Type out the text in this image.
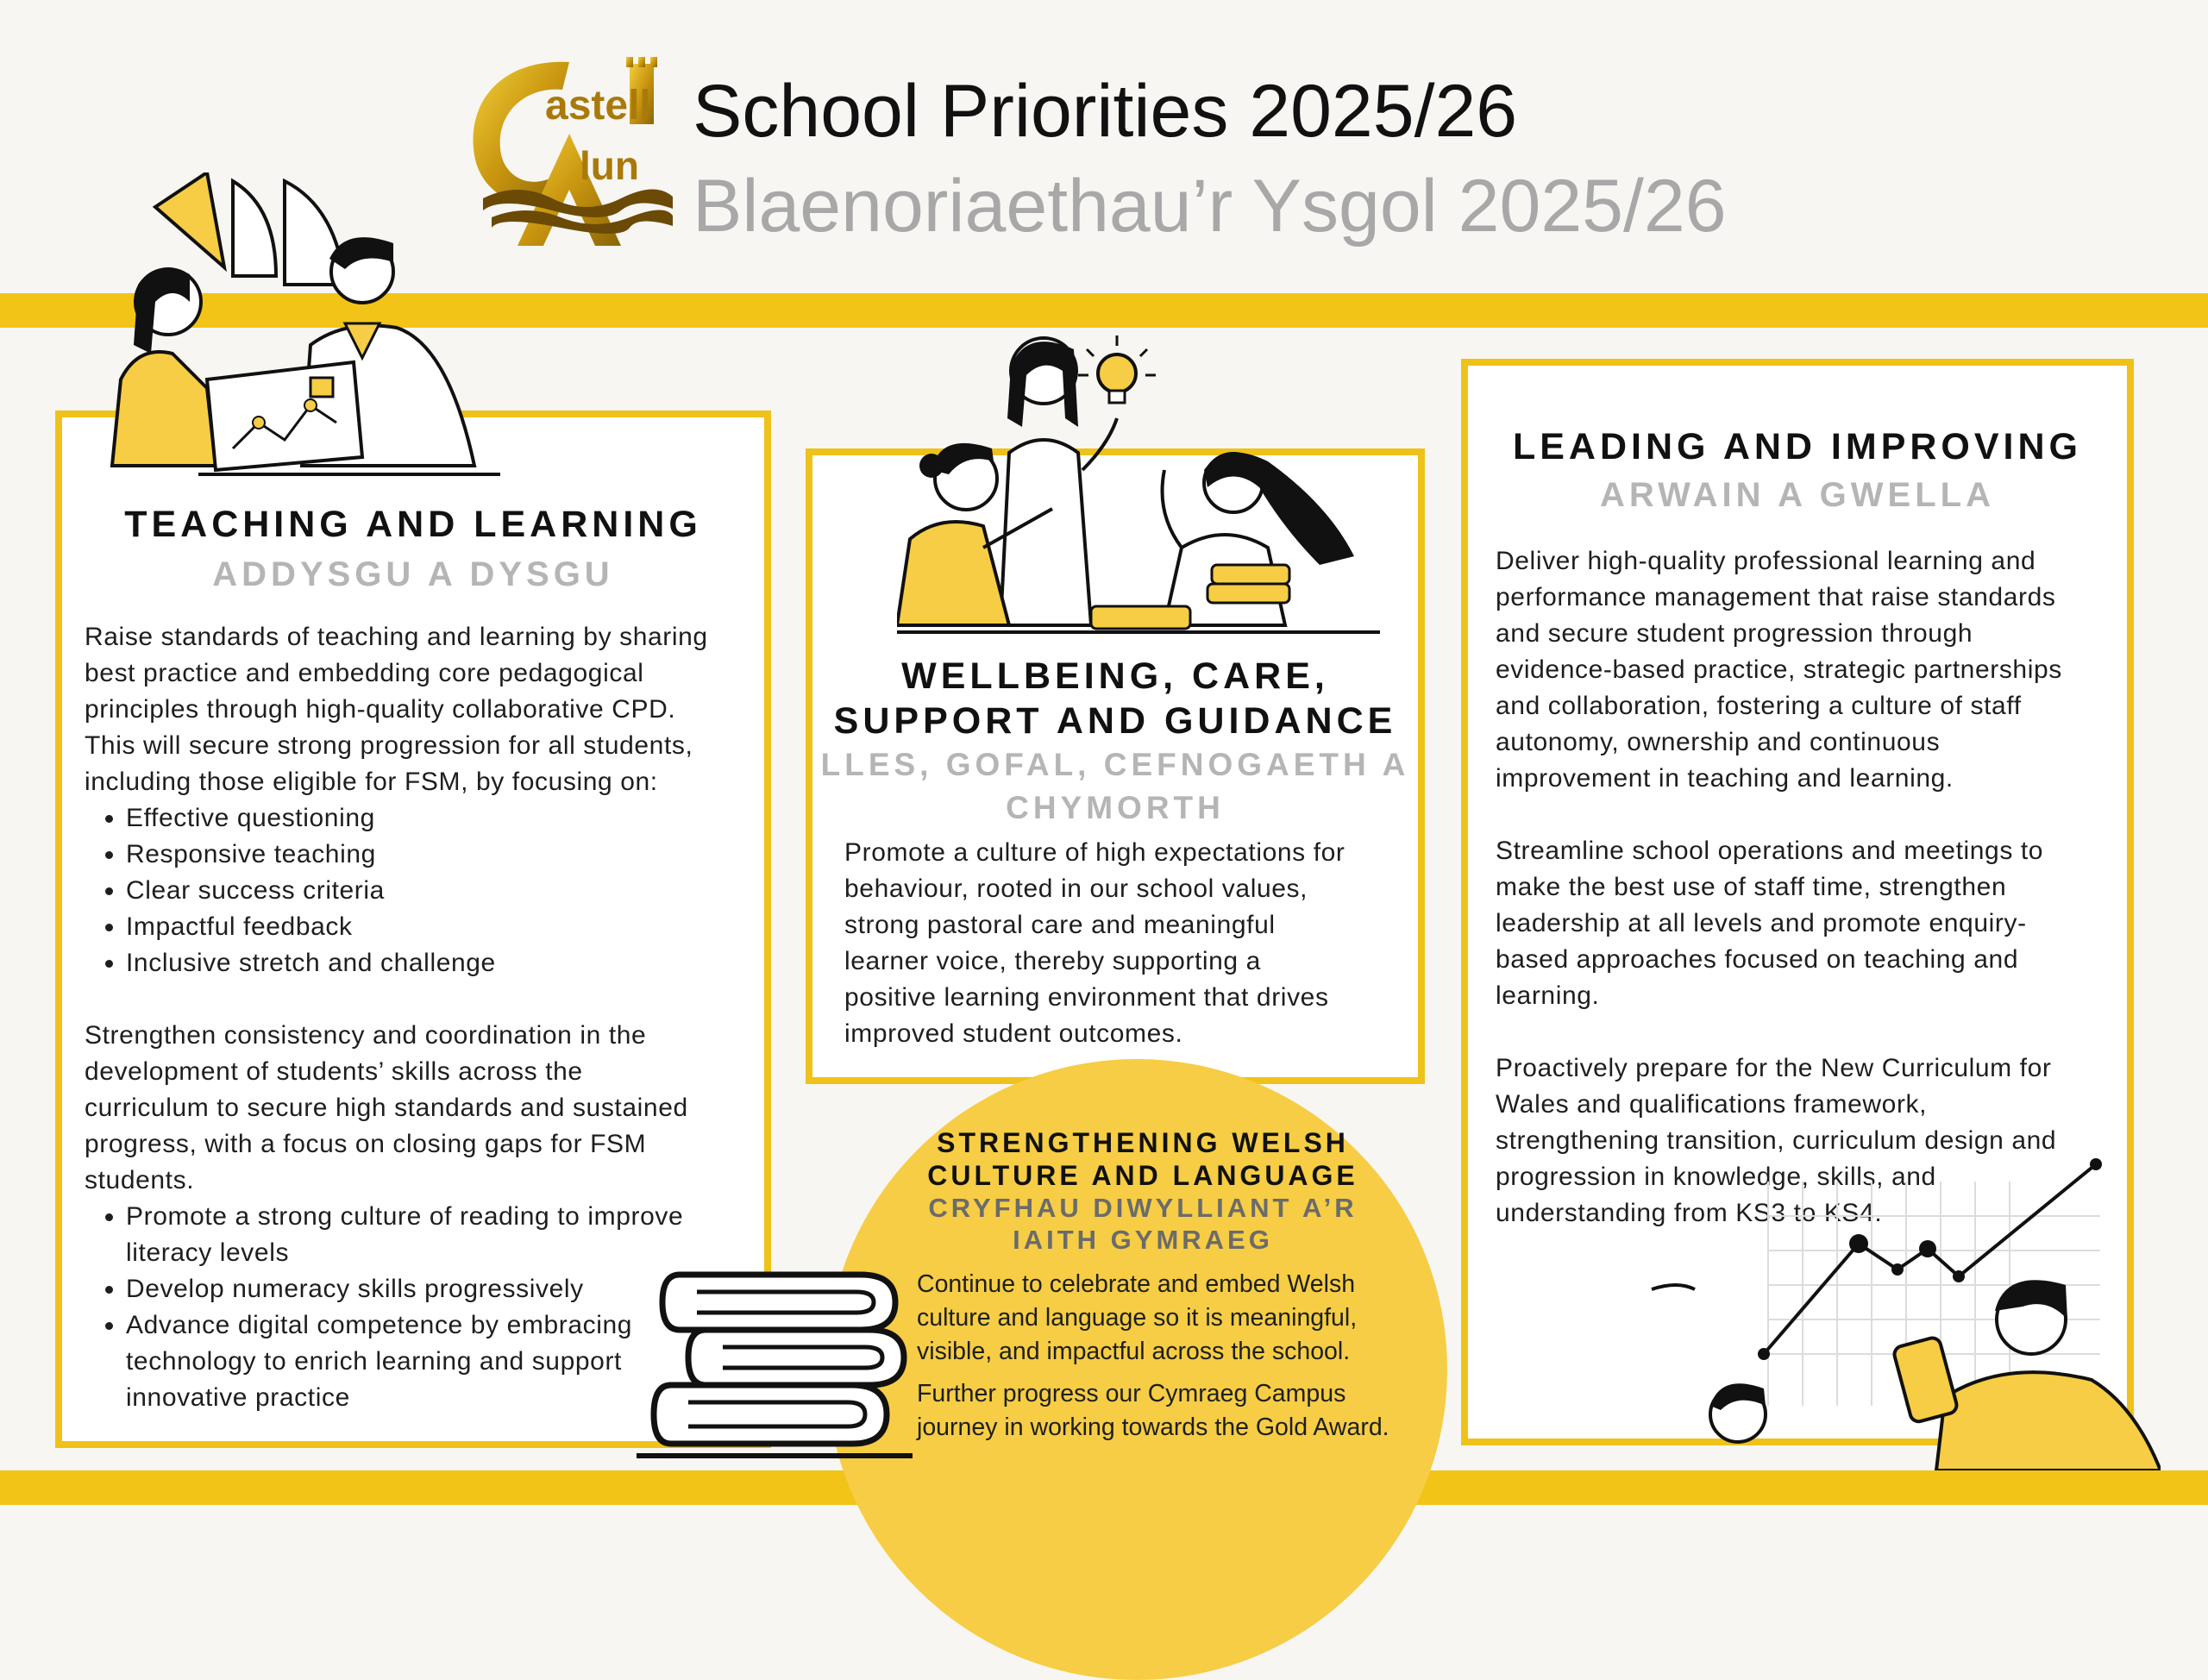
astell
lun
School Priorities 2025/26
Blaenoriaethau’r Ysgol 2025/26
TEACHING AND LEARNING
ADDYSGU A DYSGU

Raise standards of teaching and learning by sharing

best practice and embedding core pedagogical

principles through high-quality collaborative CPD.

This will secure strong progression for all students,

including those eligible for FSM, by focusing on:

• Effective questioning
• Responsive teaching
• Clear success criteria
• Impactful feedback
• Inclusive stretch and challenge

Strengthen consistency and coordination in the

development of students’ skills across the

curriculum to secure high standards and sustained

progress, with a focus on closing gaps for FSM

students.

• Promote a strong culture of reading to improve
literacy levels
• Develop numeracy skills progressively
• Advance digital competence by embracing
technology to enrich learning and support
innovative practice
WELLBEING, CARE,
SUPPORT AND GUIDANCE
LLES, GOFAL, CEFNOGAETH A
CHYMORTH

Promote a culture of high expectations for

behaviour, rooted in our school values,

strong pastoral care and meaningful

learner voice, thereby supporting a

positive learning environment that drives

improved student outcomes.

LEADING AND IMPROVING
ARWAIN A GWELLA

Deliver high-quality professional learning and

performance management that raise standards

and secure student progression through

evidence-based practice, strategic partnerships

and collaboration, fostering a culture of staff

autonomy, ownership and continuous

improvement in teaching and learning.

Streamline school operations and meetings to

make the best use of staff time, strengthen

leadership at all levels and promote enquiry-

based approaches focused on teaching and

learning.

Proactively prepare for the New Curriculum for

Wales and qualifications framework,

strengthening transition, curriculum design and

progression in knowledge, skills, and

understanding from KS3 to KS4.

STRENGTHENING WELSH
CULTURE AND LANGUAGE
CRYFHAU DIWYLLIANT A’R
IAITH GYMRAEG

Continue to celebrate and embed Welsh
culture and language so it is meaningful,
visible, and impactful across the school.

Further progress our Cymraeg Campus
journey in working towards the Gold Award.
